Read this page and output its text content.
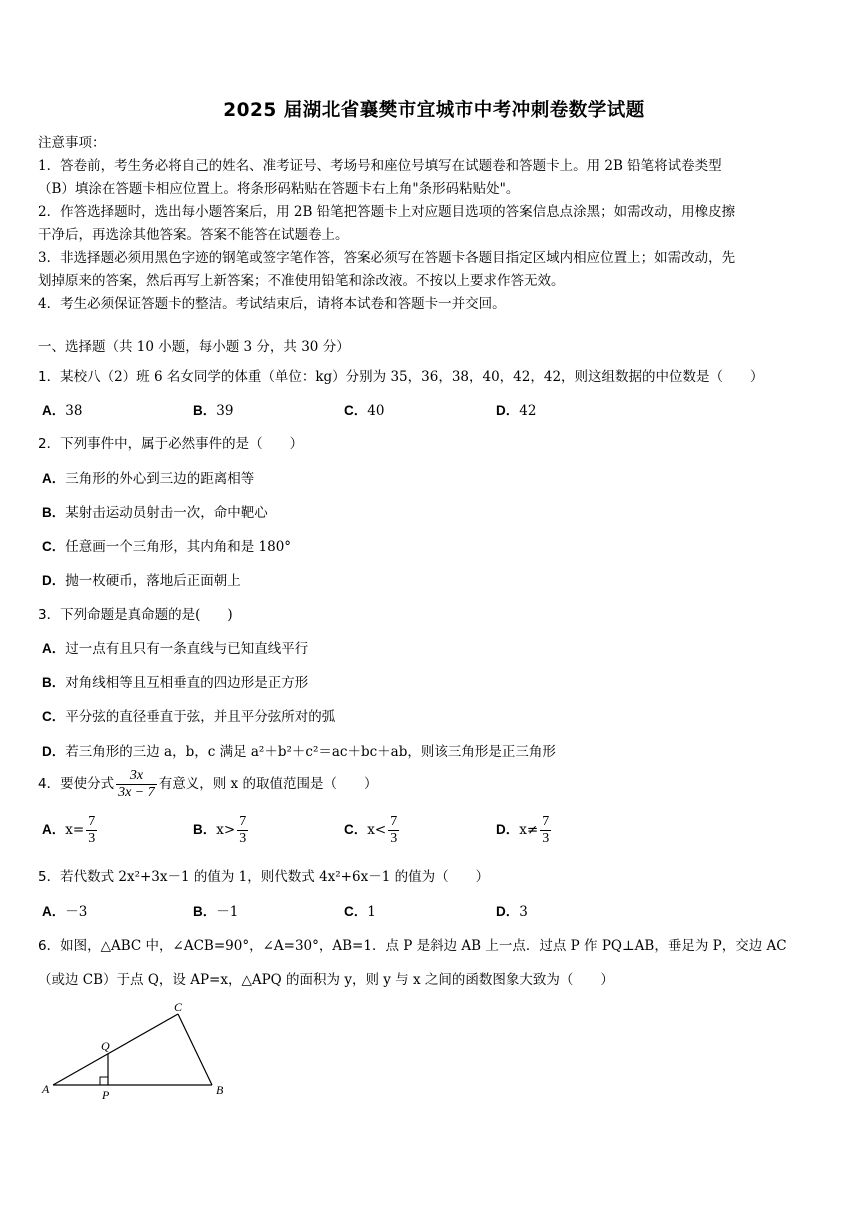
2025 届湖北省襄樊市宜城市中考冲刺卷数学试题
注意事项：
1．答卷前，考生务必将自己的姓名、准考证号、考场号和座位号填写在试题卷和答题卡上。用 2B 铅笔将试卷类型
（B）填涂在答题卡相应位置上。将条形码粘贴在答题卡右上角"条形码粘贴处"。
2．作答选择题时，选出每小题答案后，用 2B 铅笔把答题卡上对应题目选项的答案信息点涂黑；如需改动，用橡皮擦
干净后，再选涂其他答案。答案不能答在试题卷上。
3．非选择题必须用黑色字迹的钢笔或签字笔作答，答案必须写在答题卡各题目指定区域内相应位置上；如需改动，先
划掉原来的答案，然后再写上新答案；不准使用铅笔和涂改液。不按以上要求作答无效。
4．考生必须保证答题卡的整洁。考试结束后，请将本试卷和答题卡一并交回。
一、选择题（共 10 小题，每小题 3 分，共 30 分）
1．某校八（2）班 6 名女同学的体重（单位：kg）分别为 35，36，38，40，42，42，则这组数据的中位数是（　　）
A．38	B．39	C．40	D．42
2．下列事件中，属于必然事件的是（　　）
A．三角形的外心到三边的距离相等
B．某射击运动员射击一次，命中靶心
C．任意画一个三角形，其内角和是 180°
D．抛一枚硬币，落地后正面朝上
3．下列命题是真命题的是(　　)
A．过一点有且只有一条直线与已知直线平行
B．对角线相等且互相垂直的四边形是正方形
C．平分弦的直径垂直于弦，并且平分弦所对的弧
D．若三角形的三边 a，b，c 满足 a²＋b²＋c²＝ac＋bc＋ab，则该三角形是正三角形
4．要使分式 $\frac{3x}{3x - 7}$ 有意义，则 x 的取值范围是（　　）
A．$x= \frac{7}{3}$	B．$x> \frac{7}{3}$	C．$x< \frac{7}{3}$	D．$x\ne \frac{7}{3}$
5．若代数式 2x²+3x－1 的值为 1，则代数式 4x²+6x－1 的值为（　　）
A．－3	B．－1	C．1	D．3
6．如图，△ABC 中，∠ACB=90°，∠A=30°，AB=1．点 P 是斜边 AB 上一点．过点 P 作 PQ⊥AB，垂足为 P，交边 AC
（或边 CB）于点 Q，设 AP=x，△APQ 的面积为 y，则 y 与 x 之间的函数图象大致为（　　）
A
C
B
Q
P
